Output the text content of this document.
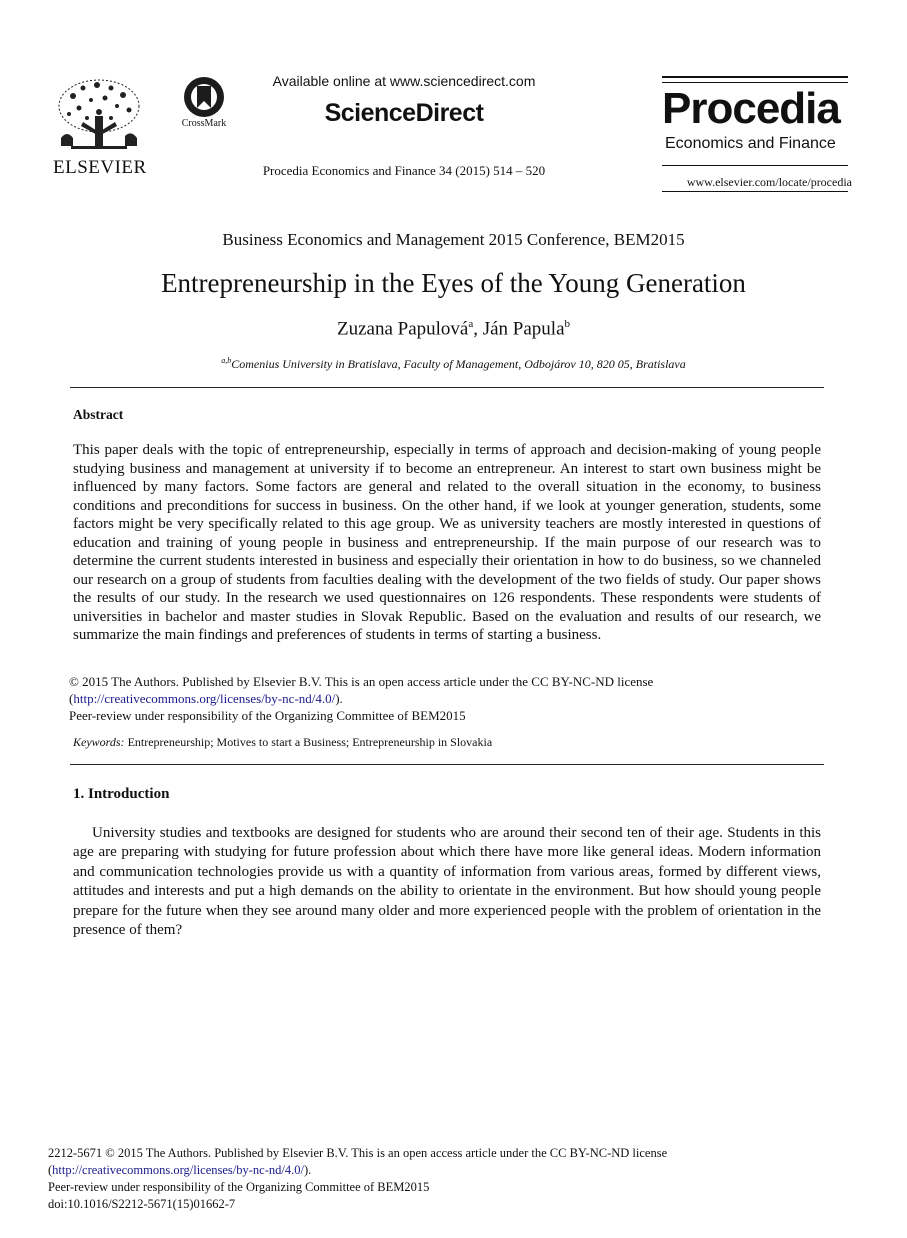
ELSEVIER
CrossMark
Available online at www.sciencedirect.com
ScienceDirect
Procedia Economics and Finance 34 (2015) 514 – 520
Procedia
Economics and Finance
www.elsevier.com/locate/procedia
Business Economics and Management 2015 Conference, BEM2015
Entrepreneurship in the Eyes of the Young Generation
Zuzana Papulová$^a$, Ján Papula$^b$
$^{a,b}$Comenius University in Bratislava, Faculty of Management, Odbojárov 10, 820 05, Bratislava
Abstract
This paper deals with the topic of entrepreneurship, especially in terms of approach and decision-making of young people studying business and management at university if to become an entrepreneur. An interest to start own business might be influenced by many factors. Some factors are general and related to the overall situation in the economy, to business conditions and preconditions for success in business. On the other hand, if we look at younger generation, students, some factors might be very specifically related to this age group. We as university teachers are mostly interested in questions of education and training of young people in business and entrepreneurship. If the main purpose of our research was to determine the current students interested in business and especially their orientation in how to do business, so we channeled our research on a group of students from faculties dealing with the development of the two fields of study. Our paper shows the results of our study. In the research we used questionnaires on 126 respondents. These respondents were students of universities in bachelor and master studies in Slovak Republic. Based on the evaluation and results of our research, we summarize the main findings and preferences of students in terms of starting a business.
© 2015 The Authors. Published by Elsevier B.V. This is an open access article under the CC BY-NC-ND license
(http://creativecommons.org/licenses/by-nc-nd/4.0/).
Peer-review under responsibility of the Organizing Committee of BEM2015
Keywords: Entrepreneurship; Motives to start a Business; Entrepreneurship in Slovakia
1. Introduction
University studies and textbooks are designed for students who are around their second ten of their age. Students in this age are preparing with studying for future profession about which there have more like general ideas. Modern information and communication technologies provide us with a quantity of information from various areas, formed by different views, attitudes and interests and put a high demands on the ability to orientate in the environment. But how should young people prepare for the future when they see around many older and more experienced people with the problem of orientation in the presence of them?
2212-5671 © 2015 The Authors. Published by Elsevier B.V. This is an open access article under the CC BY-NC-ND license
(http://creativecommons.org/licenses/by-nc-nd/4.0/).
Peer-review under responsibility of the Organizing Committee of BEM2015
doi:10.1016/S2212-5671(15)01662-7
